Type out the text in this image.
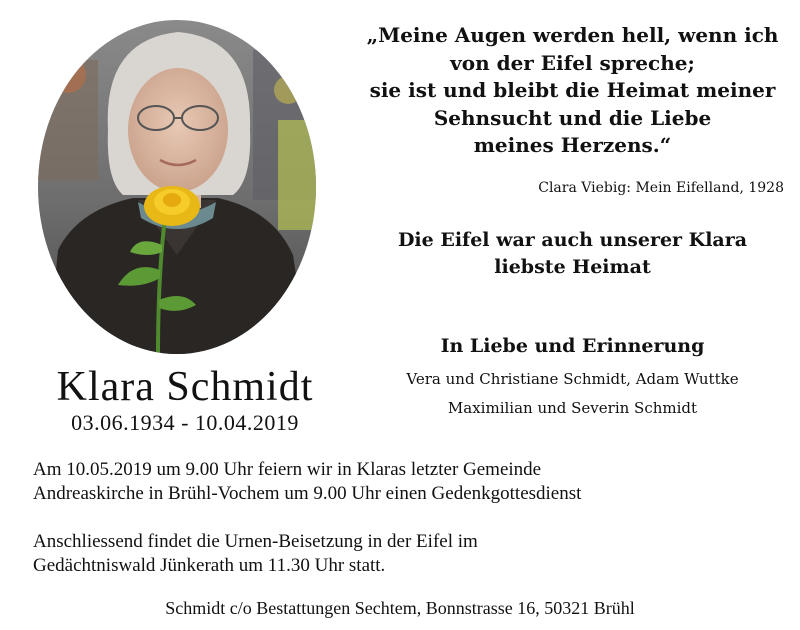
Klara Schmidt
03.06.1934 - 10.04.2019
„Meine Augen werden hell, wenn ich
von der Eifel spreche;
sie ist und bleibt die Heimat meiner
Sehnsucht und die Liebe
meines Herzens.“
Clara Viebig: Mein Eifelland, 1928
Die Eifel war auch unserer Klara
liebste Heimat
In Liebe und Erinnerung
Vera und Christiane Schmidt, Adam Wuttke
Maximilian und Severin Schmidt
Am 10.05.2019 um 9.00 Uhr feiern wir in Klaras letzter Gemeinde
Andreaskirche in Brühl-Vochem um 9.00 Uhr einen Gedenkgottesdienst
Anschliessend findet die Urnen-Beisetzung in der Eifel im
Gedächtniswald Jünkerath um 11.30 Uhr statt.
Schmidt c/o Bestattungen Sechtem, Bonnstrasse 16, 50321 Brühl
